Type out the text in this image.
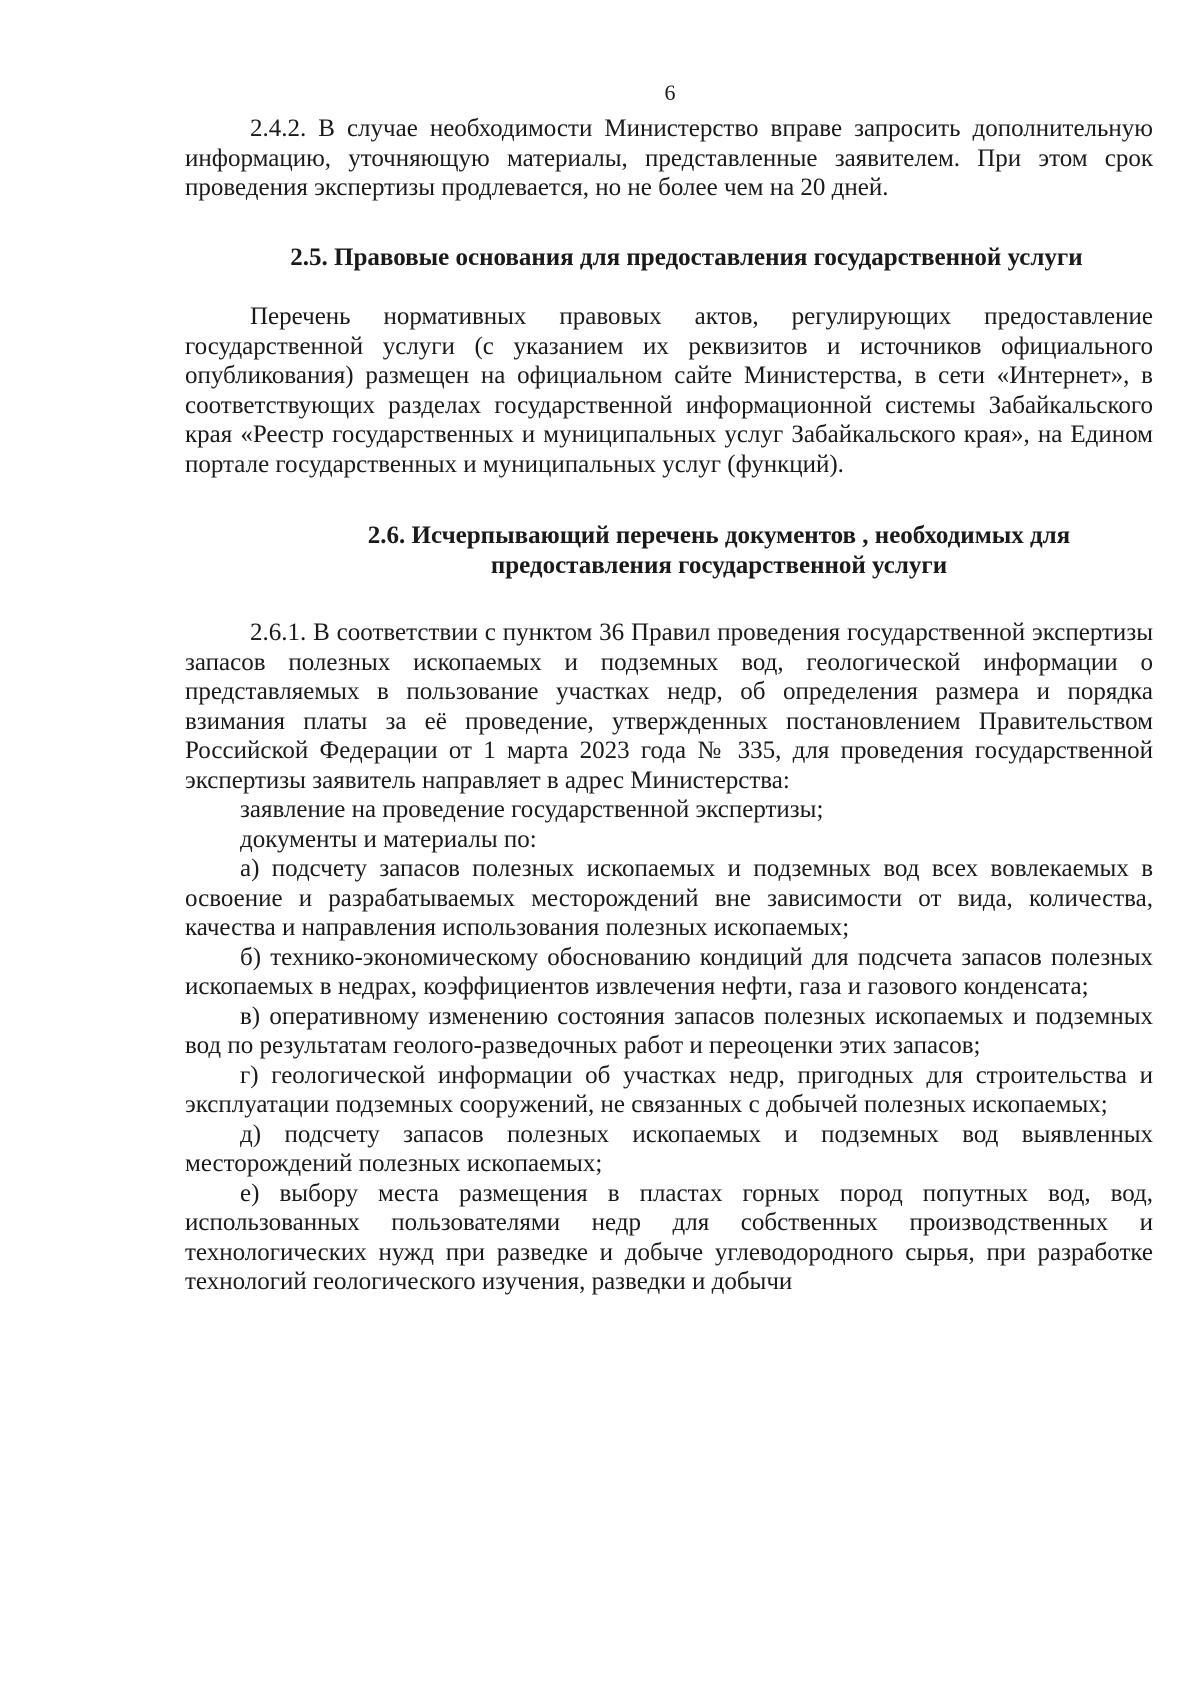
6

2.4.2. В случае необходимости Министерство вправе запросить дополнительную информацию, уточняющую материалы, представленные заявителем. При этом срок проведения экспертизы продлевается, но не более чем на 20 дней.

2.5. Правовые основания для предоставления государственной услуги

Перечень нормативных правовых актов, регулирующих предоставление государственной услуги (с указанием их реквизитов и источников официального опубликования) размещен на официальном сайте Министерства, в сети «Интернет», в соответствующих разделах государственной информационной системы Забайкальского края «Реестр государственных и муниципальных услуг Забайкальского края», на Едином портале государственных и муниципальных услуг (функций).

2.6. Исчерпывающий перечень документов , необходимых для
предоставления государственной услуги

2.6.1. В соответствии с пунктом 36 Правил проведения государственной экспертизы запасов полезных ископаемых и подземных вод, геологической информации о представляемых в пользование участках недр, об определения размера и порядка взимания платы за её проведение, утвержденных постановлением Правительством Российской Федерации от 1 марта 2023 года № 335, для проведения государственной экспертизы заявитель направляет в адрес Министерства:

заявление на проведение государственной экспертизы;

документы и материалы по:

а) подсчету запасов полезных ископаемых и подземных вод всех вовлекаемых в освоение и разрабатываемых месторождений вне зависимости от вида, количества, качества и направления использования полезных ископаемых;

б) технико-экономическому обоснованию кондиций для подсчета запасов полезных ископаемых в недрах, коэффициентов извлечения нефти, газа и газового конденсата;

в) оперативному изменению состояния запасов полезных ископаемых и подземных вод по результатам геолого-разведочных работ и переоценки этих запасов;

г) геологической информации об участках недр, пригодных для строительства и эксплуатации подземных сооружений, не связанных с добычей полезных ископаемых;

д) подсчету запасов полезных ископаемых и подземных вод выявленных месторождений полезных ископаемых;

е) выбору места размещения в пластах горных пород попутных вод, вод, использованных пользователями недр для собственных производственных и технологических нужд при разведке и добыче углеводородного сырья, при разработке технологий геологического изучения, разведки и добычи
